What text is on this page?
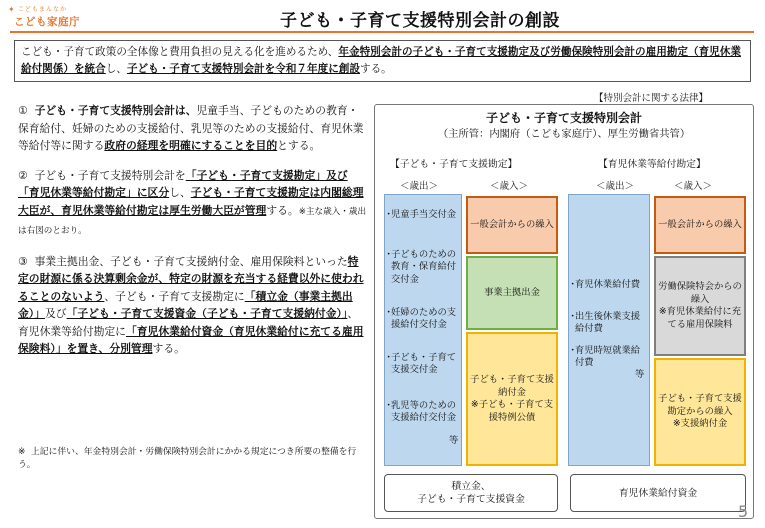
✦ こどもまんなか
こども家庭庁	子ども・子育て支援特別会計の創設
こども・子育て政策の全体像と費用負担の見える化を進めるため、年金特別会計の子ども・子育て支援勘定及び労働保険特別会計の雇用勘定（育児休業給付関係）を統合し、子ども・子育て支援特別会計を令和７年度に創設する。
① 子ども・子育て支援特別会計は、児童手当、子どものための教育・保育給付、妊婦のための支援給付、乳児等のための支援給付、育児休業等給付等に関する政府の経理を明確にすることを目的とする。
② 子ども・子育て支援特別会計を「子ども・子育て支援勘定」及び「育児休業等給付勘定」に区分し、子ども・子育て支援勘定は内閣総理大臣が、育児休業等給付勘定は厚生労働大臣が管理する。※主な歳入・歳出は右図のとおり。
③ 事業主拠出金、子ども・子育て支援納付金、雇用保険料といった特定の財源に係る決算剰余金が、特定の財源を充当する経費以外に使われることのないよう、子ども・子育て支援勘定に「積立金（事業主拠出金）」及び「子ども・子育て支援資金（子ども・子育て支援納付金）」、育児休業等給付勘定に「育児休業給付資金（育児休業給付に充てる雇用保険料）」を置き、分別管理する。
※ 上記に伴い、年金特別会計・労働保険特別会計にかかる規定につき所要の整備を行う。
【特別会計に関する法律】
子ども・子育て支援特別会計
（主所管：内閣府（こども家庭庁）、厚生労働省共管）
【子ども・子育て支援勘定】	【育児休業等給付勘定】
＜歳出＞	＜歳入＞	＜歳出＞	＜歳入＞
・ 児童手当交付金
・ 子どものための教育・保育給付交付金
・ 妊婦のための支援給付交付金
・ 子ども・子育て支援交付金
・ 乳児等のための支援給付交付金
等
一般会計からの繰入
事業主拠出金
子ども・子育て支援納付金
※子ども・子育て支援特例公債
・ 育児休業給付費
・ 出生後休業支援給付費
・ 育児時短就業給付費
等
一般会計からの繰入
労働保険特会からの繰入
※育児休業給付に充てる雇用保険料
子ども・子育て支援勘定からの繰入
※支援納付金
積立金、
子ども・子育て支援資金
育児休業給付資金
5
